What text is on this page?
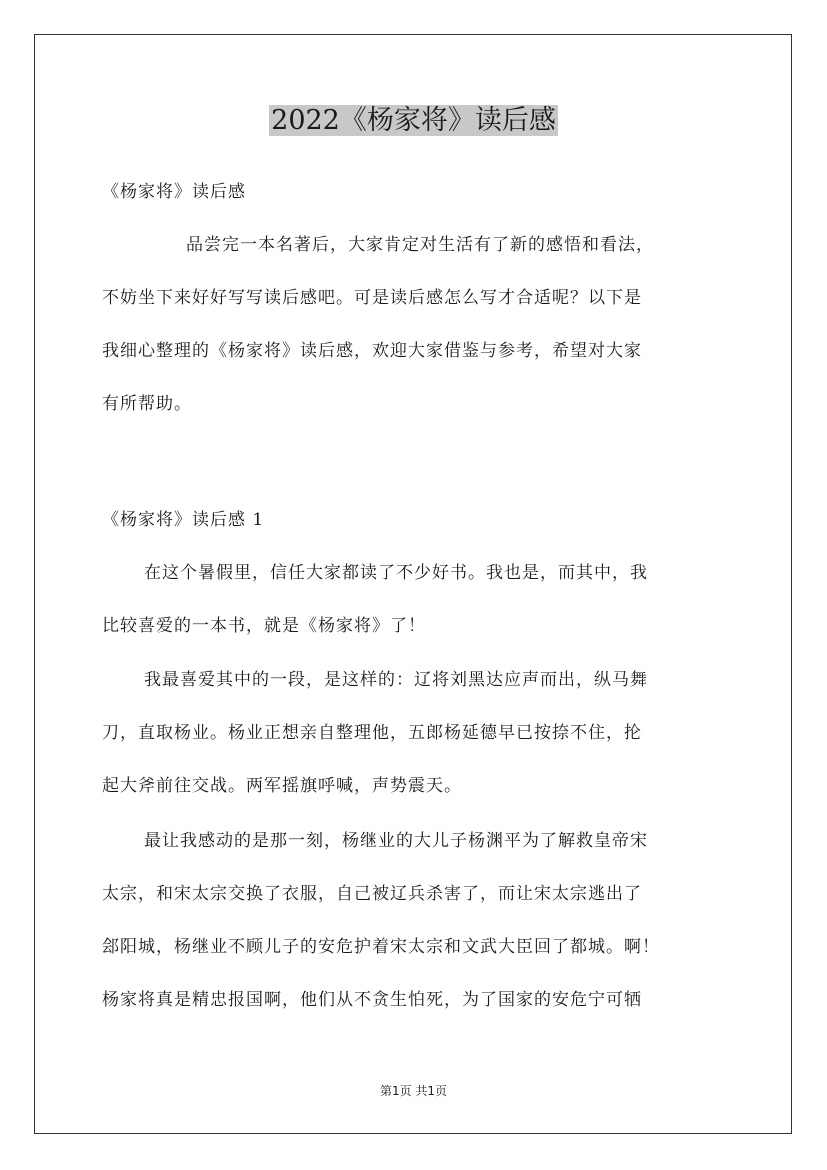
2022《杨家将》读后感
《杨家将》读后感
品尝完一本名著后，大家肯定对生活有了新的感悟和看法，
不妨坐下来好好写写读后感吧。可是读后感怎么写才合适呢？以下是
我细心整理的《杨家将》读后感，欢迎大家借鉴与参考，希望对大家
有所帮助。
《杨家将》读后感 1
在这个暑假里，信任大家都读了不少好书。我也是，而其中，我
比较喜爱的一本书，就是《杨家将》了！
我最喜爱其中的一段，是这样的：辽将刘黑达应声而出，纵马舞
刀，直取杨业。杨业正想亲自整理他，五郎杨延德早已按捺不住，抡
起大斧前往交战。两军摇旗呼喊，声势震天。
最让我感动的是那一刻，杨继业的大儿子杨渊平为了解救皇帝宋
太宗，和宋太宗交换了衣服，自己被辽兵杀害了，而让宋太宗逃出了
郐阳城，杨继业不顾儿子的安危护着宋太宗和文武大臣回了都城。啊！
杨家将真是精忠报国啊，他们从不贪生怕死，为了国家的安危宁可牺
第1页 共1页
